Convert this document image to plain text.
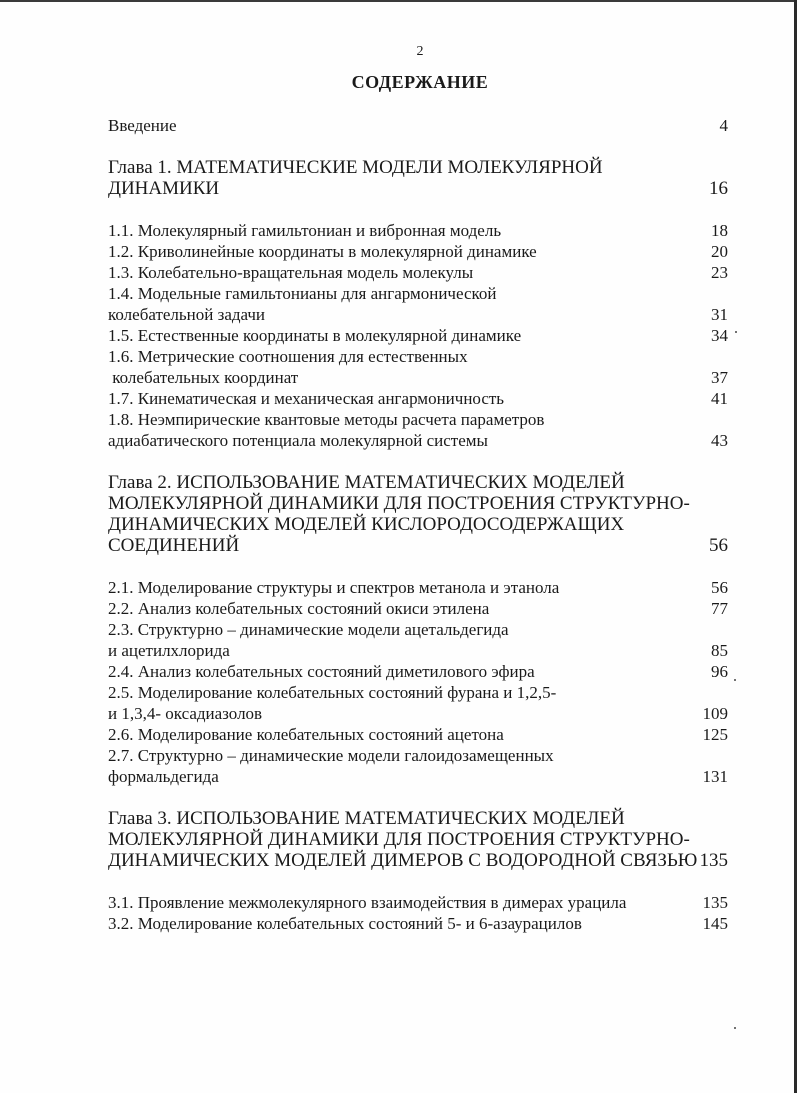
2
СОДЕРЖАНИЕ
Введение	4
Глава 1. МАТЕМАТИЧЕСКИЕ МОДЕЛИ МОЛЕКУЛЯРНОЙ
ДИНАМИКИ	16
1.1. Молекулярный гамильтониан и вибронная модель	18
1.2. Криволинейные координаты в молекулярной динамике	20
1.3. Колебательно-вращательная модель молекулы	23
1.4. Модельные гамильтонианы для ангармонической
колебательной задачи	31
1.5. Естественные координаты в молекулярной динамике	34
1.6. Метрические соотношения для естественных
колебательных координат	37
1.7. Кинематическая и механическая ангармоничность	41
1.8. Неэмпирические квантовые методы расчета параметров
адиабатического потенциала молекулярной системы	43
Глава 2. ИСПОЛЬЗОВАНИЕ МАТЕМАТИЧЕСКИХ МОДЕЛЕЙ
МОЛЕКУЛЯРНОЙ ДИНАМИКИ ДЛЯ ПОСТРОЕНИЯ СТРУКТУРНО-
ДИНАМИЧЕСКИХ МОДЕЛЕЙ КИСЛОРОДОСОДЕРЖАЩИХ
СОЕДИНЕНИЙ	56
2.1. Моделирование структуры и спектров метанола и этанола	56
2.2. Анализ колебательных состояний окиси этилена	77
2.3. Структурно – динамические модели ацетальдегида
и ацетилхлорида	85
2.4. Анализ колебательных состояний диметилового эфира	96
2.5. Моделирование колебательных состояний фурана и 1,2,5-
и 1,3,4- оксадиазолов	109
2.6. Моделирование колебательных состояний ацетона	125
2.7. Структурно – динамические модели галоидозамещенных
формальдегида	131
Глава 3. ИСПОЛЬЗОВАНИЕ МАТЕМАТИЧЕСКИХ МОДЕЛЕЙ
МОЛЕКУЛЯРНОЙ ДИНАМИКИ ДЛЯ ПОСТРОЕНИЯ СТРУКТУРНО-
ДИНАМИЧЕСКИХ МОДЕЛЕЙ ДИМЕРОВ С ВОДОРОДНОЙ СВЯЗЬЮ 135
3.1. Проявление межмолекулярного взаимодействия в димерах урацила	135
3.2. Моделирование колебательных состояний 5- и 6-азаурацилов	145
